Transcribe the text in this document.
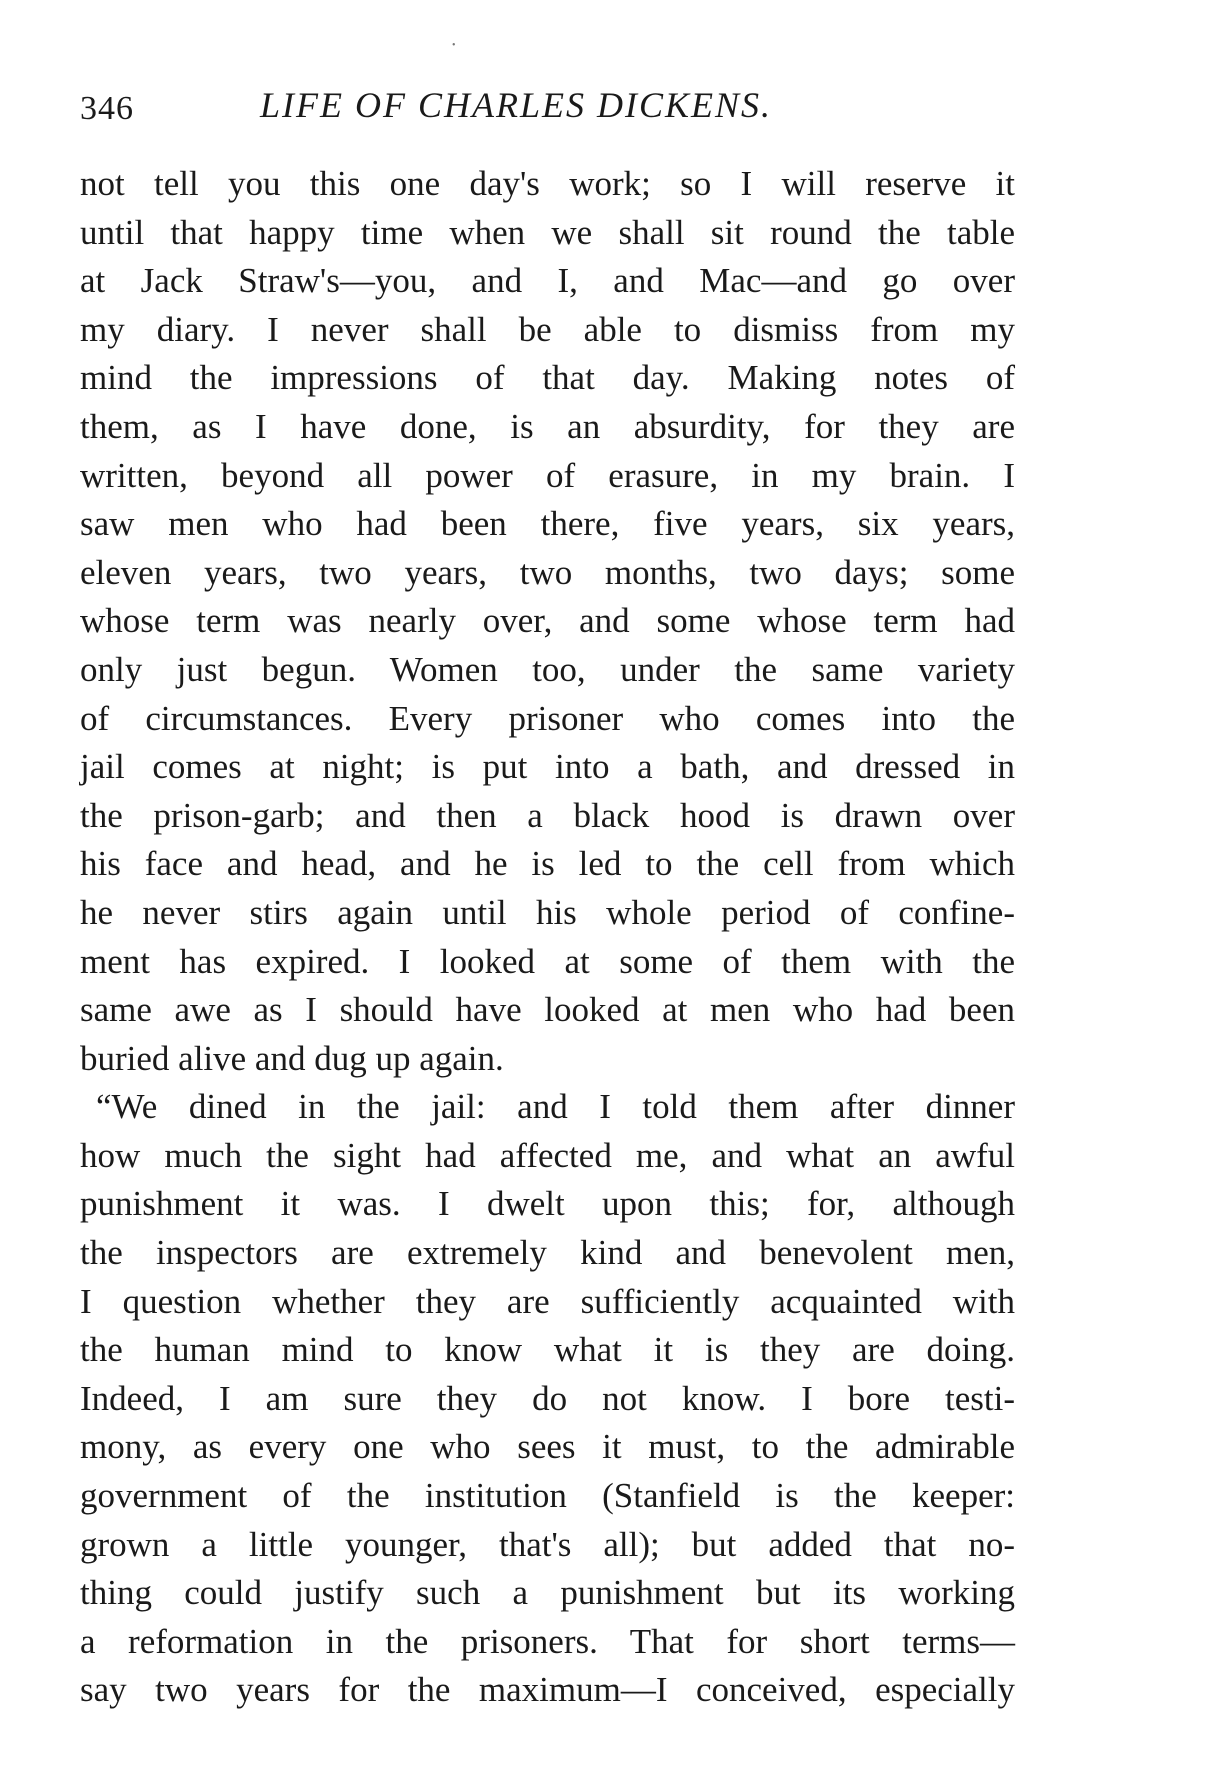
•
346	LIFE OF CHARLES DICKENS.
not tell you this one day's work; so I will reserve it
until that happy time when we shall sit round the table
at Jack Straw's—you, and I, and Mac—and go over
my diary. I never shall be able to dismiss from my
mind the impressions of that day. Making notes of
them, as I have done, is an absurdity, for they are
written, beyond all power of erasure, in my brain. I
saw men who had been there, five years, six years,
eleven years, two years, two months, two days; some
whose term was nearly over, and some whose term had
only just begun. Women too, under the same variety
of circumstances. Every prisoner who comes into the
jail comes at night; is put into a bath, and dressed in
the prison-garb; and then a black hood is drawn over
his face and head, and he is led to the cell from which
he never stirs again until his whole period of confine-
ment has expired. I looked at some of them with the
same awe as I should have looked at men who had been
buried alive and dug up again.
“We dined in the jail: and I told them after dinner
how much the sight had affected me, and what an awful
punishment it was. I dwelt upon this; for, although
the inspectors are extremely kind and benevolent men,
I question whether they are sufficiently acquainted with
the human mind to know what it is they are doing.
Indeed, I am sure they do not know. I bore testi-
mony, as every one who sees it must, to the admirable
government of the institution (Stanfield is the keeper:
grown a little younger, that's all); but added that no-
thing could justify such a punishment but its working
a reformation in the prisoners. That for short terms—
say two years for the maximum—I conceived, especially
